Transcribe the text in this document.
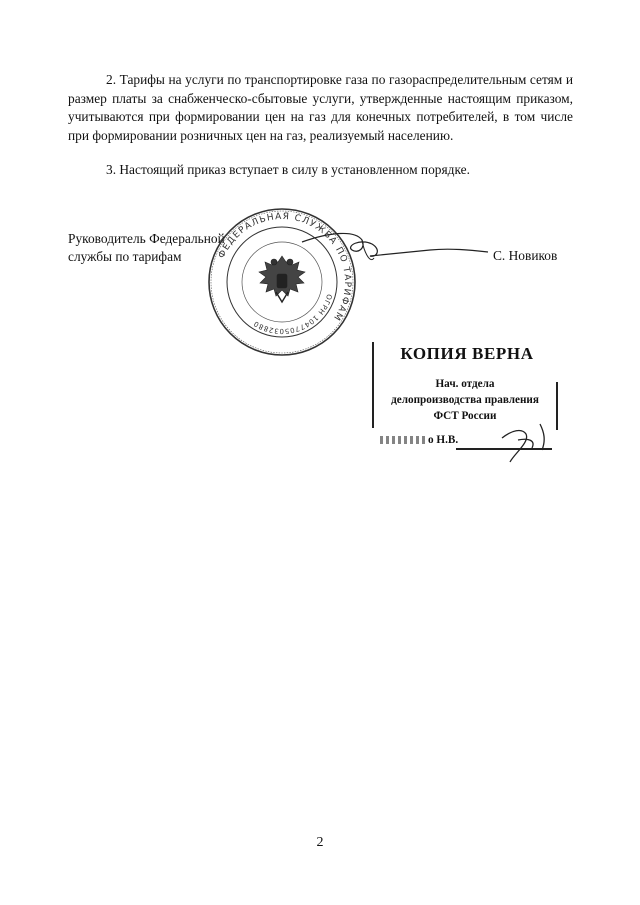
2. Тарифы на услуги по транспортировке газа по газораспределительным сетям и размер платы за снабженческо-сбытовые услуги, утвержденные настоящим приказом, учитываются при формировании цен на газ для конечных потребителей, в том числе при формировании розничных цен на газ, реализуемый населению.

3. Настоящий приказ вступает в силу в установленном порядке.

Руководитель Федеральной
службы по тарифам	ФЕДЕРАЛЬНАЯ СЛУЖБА ПО ТАРИФАМ
ОГРН 1047705032880
С. Новиков
КОПИЯ ВЕРНА
Нач. отдела
делопроизводства правления
ФСТ России
о Н.В.
2
